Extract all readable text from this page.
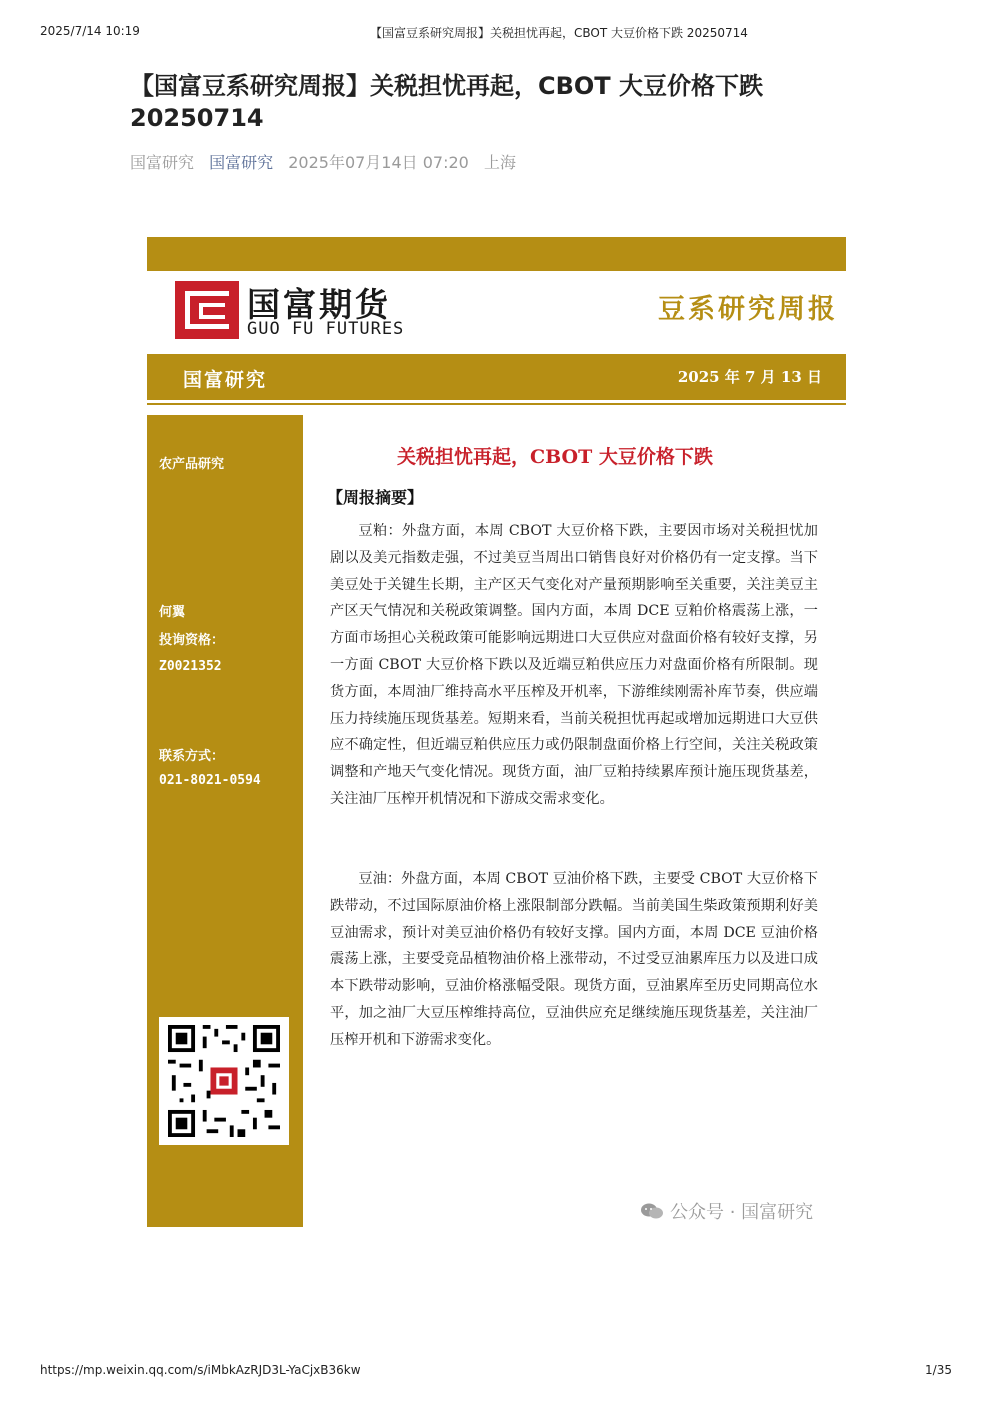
2025/7/14 10:19	【国富豆系研究周报】关税担忧再起，CBOT 大豆价格下跌 20250714
【国富豆系研究周报】关税担忧再起，CBOT 大豆价格下跌 20250714
国富研究 国富研究 2025年07月14日 07:20 上海
国富期货
GUO FU FUTURES
豆系研究周报
国富研究	2025 年 7 月 13 日
农产品研究
何翼
投询资格：
Z0021352
联系方式：
021-8021-0594
关税担忧再起，CBOT 大豆价格下跌
【周报摘要】

豆粕：外盘方面，本周 CBOT 大豆价格下跌，主要因市场对关税担忧加剧以及美元指数走强，不过美豆当周出口销售良好对价格仍有一定支撑。当下美豆处于关键生长期，主产区天气变化对产量预期影响至关重要，关注美豆主产区天气情况和关税政策调整。国内方面，本周 DCE 豆粕价格震荡上涨，一方面市场担心关税政策可能影响远期进口大豆供应对盘面价格有较好支撑，另一方面 CBOT 大豆价格下跌以及近端豆粕供应压力对盘面价格有所限制。现货方面，本周油厂维持高水平压榨及开机率，下游维续刚需补库节奏，供应端压力持续施压现货基差。短期来看，当前关税担忧再起或增加远期进口大豆供应不确定性，但近端豆粕供应压力或仍限制盘面价格上行空间，关注关税政策调整和产地天气变化情况。现货方面，油厂豆粕持续累库预计施压现货基差，关注油厂压榨开机情况和下游成交需求变化。

豆油：外盘方面，本周 CBOT 豆油价格下跌，主要受 CBOT 大豆价格下跌带动，不过国际原油价格上涨限制部分跌幅。当前美国生柴政策预期利好美豆油需求，预计对美豆油价格仍有较好支撑。国内方面，本周 DCE 豆油价格震荡上涨，主要受竞品植物油价格上涨带动，不过受豆油累库压力以及进口成本下跌带动影响，豆油价格涨幅受限。现货方面，豆油累库至历史同期高位水平，加之油厂大豆压榨维持高位，豆油供应充足继续施压现货基差，关注油厂压榨开机和下游需求变化。

公众号 · 国富研究
https://mp.weixin.qq.com/s/iMbkAzRJD3L-YaCjxB36kw	1/35
